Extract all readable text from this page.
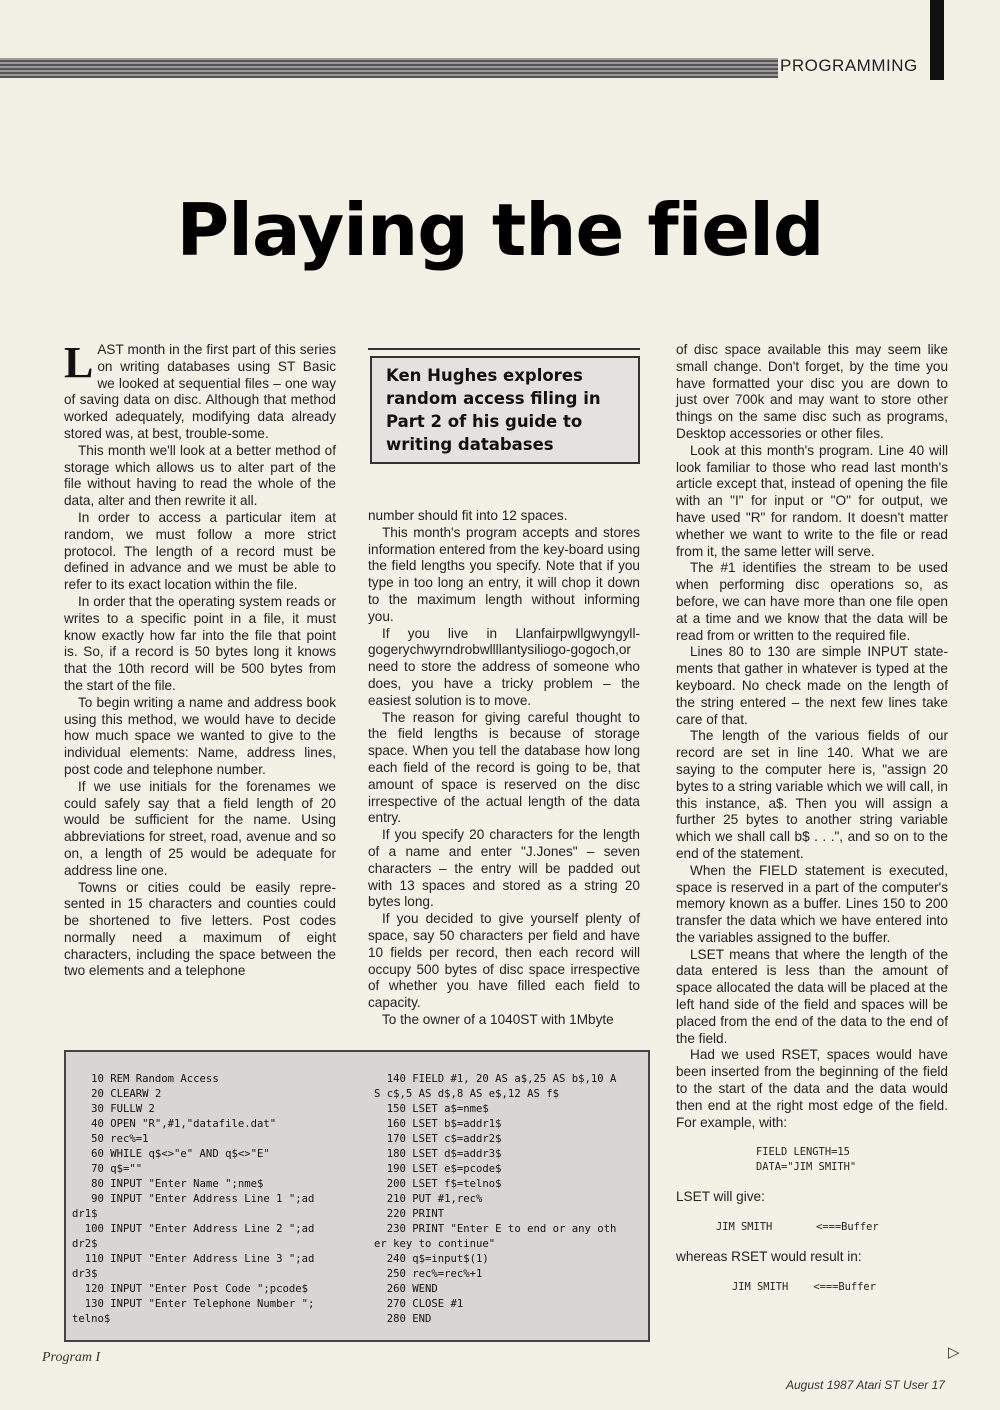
PROGRAMMING
Playing the field

LAST month in the first part of this series on writing databases using ST Basic we looked at sequential files – one way of saving data on disc. Although that method worked adequately, modifying data already stored was, at best, trouble-some.

This month we'll look at a better method of storage which allows us to alter part of the file without having to read the whole of the data, alter and then rewrite it all.

In order to access a particular item at random, we must follow a more strict protocol. The length of a record must be defined in advance and we must be able to refer to its exact location within the file.

In order that the operating system reads or writes to a specific point in a file, it must know exactly how far into the file that point is. So, if a record is 50 bytes long it knows that the 10th record will be 500 bytes from the start of the file.

To begin writing a name and address book using this method, we would have to decide how much space we wanted to give to the individual elements: Name, address lines, post code and telephone number.

If we use initials for the forenames we could safely say that a field length of 20 would be sufficient for the name. Using abbreviations for street, road, avenue and so on, a length of 25 would be adequate for address line one.

Towns or cities could be easily repre-sented in 15 characters and counties could be shortened to five letters. Post codes normally need a maximum of eight characters, including the space between the two elements and a telephone

Ken Hughes explores random access filing in Part 2 of his guide to writing databases

number should fit into 12 spaces.

This month's program accepts and stores information entered from the key-board using the field lengths you specify. Note that if you type in too long an entry, it will chop it down to the maximum length without informing you.

If you live in Llanfairpwllgwyngyll-gogerychwyrndrobwllllantysiliogo-gogoch,or need to store the address of someone who does, you have a tricky problem – the easiest solution is to move.

The reason for giving careful thought to the field lengths is because of storage space. When you tell the database how long each field of the record is going to be, that amount of space is reserved on the disc irrespective of the actual length of the data entry.

If you specify 20 characters for the length of a name and enter "J.Jones" – seven characters – the entry will be padded out with 13 spaces and stored as a string 20 bytes long.

If you decided to give yourself plenty of space, say 50 characters per field and have 10 fields per record, then each record will occupy 500 bytes of disc space irrespective of whether you have filled each field to capacity.

To the owner of a 1040ST with 1Mbyte

of disc space available this may seem like small change. Don't forget, by the time you have formatted your disc you are down to just over 700k and may want to store other things on the same disc such as programs, Desktop accessories or other files.

Look at this month's program. Line 40 will look familiar to those who read last month's article except that, instead of opening the file with an "I" for input or "O" for output, we have used "R" for random. It doesn't matter whether we want to write to the file or read from it, the same letter will serve.

The #1 identifies the stream to be used when performing disc operations so, as before, we can have more than one file open at a time and we know that the data will be read from or written to the required file.

Lines 80 to 130 are simple INPUT state-ments that gather in whatever is typed at the keyboard. No check made on the length of the string entered – the next few lines take care of that.

The length of the various fields of our record are set in line 140. What we are saying to the computer here is, "assign 20 bytes to a string variable which we will call, in this instance, a$. Then you will assign a further 25 bytes to another string variable which we shall call b$ . . .", and so on to the end of the statement.

When the FIELD statement is executed, space is reserved in a part of the computer's memory known as a buffer. Lines 150 to 200 transfer the data which we have entered into the variables assigned to the buffer.

LSET means that where the length of the data entered is less than the amount of space allocated the data will be placed at the left hand side of the field and spaces will be placed from the end of the data to the end of the field.

Had we used RSET, spaces would have been inserted from the beginning of the field to the start of the data and the data would then end at the right most edge of the field. For example, with:

FIELD LENGTH=15
DATA="JIM SMITH"

LSET will give:

JIM SMITH       <===Buffer

whereas RSET would result in:

JIM SMITH    <===Buffer
10 REM Random Access
20 CLEARW 2
30 FULLW 2
40 OPEN "R",#1,"datafile.dat"
50 rec%=1
60 WHILE q$<>"e" AND q$<>"E"
70 q$=""
80 INPUT "Enter Name ";nme$
90 INPUT "Enter Address Line 1 ";ad
dr1$
100 INPUT "Enter Address Line 2 ";ad
dr2$
110 INPUT "Enter Address Line 3 ";ad
dr3$
120 INPUT "Enter Post Code ";pcode$
130 INPUT "Enter Telephone Number ";
telno$
140 FIELD #1, 20 AS a$,25 AS b$,10 A
S c$,5 AS d$,8 AS e$,12 AS f$
150 LSET a$=nme$
160 LSET b$=addr1$
170 LSET c$=addr2$
180 LSET d$=addr3$
190 LSET e$=pcode$
200 LSET f$=telno$
210 PUT #1,rec%
220 PRINT
230 PRINT "Enter E to end or any oth
er key to continue"
240 q$=input$(1)
250 rec%=rec%+1
260 WEND
270 CLOSE #1
280 END
Program I	▷
August 1987 Atari ST User 17
